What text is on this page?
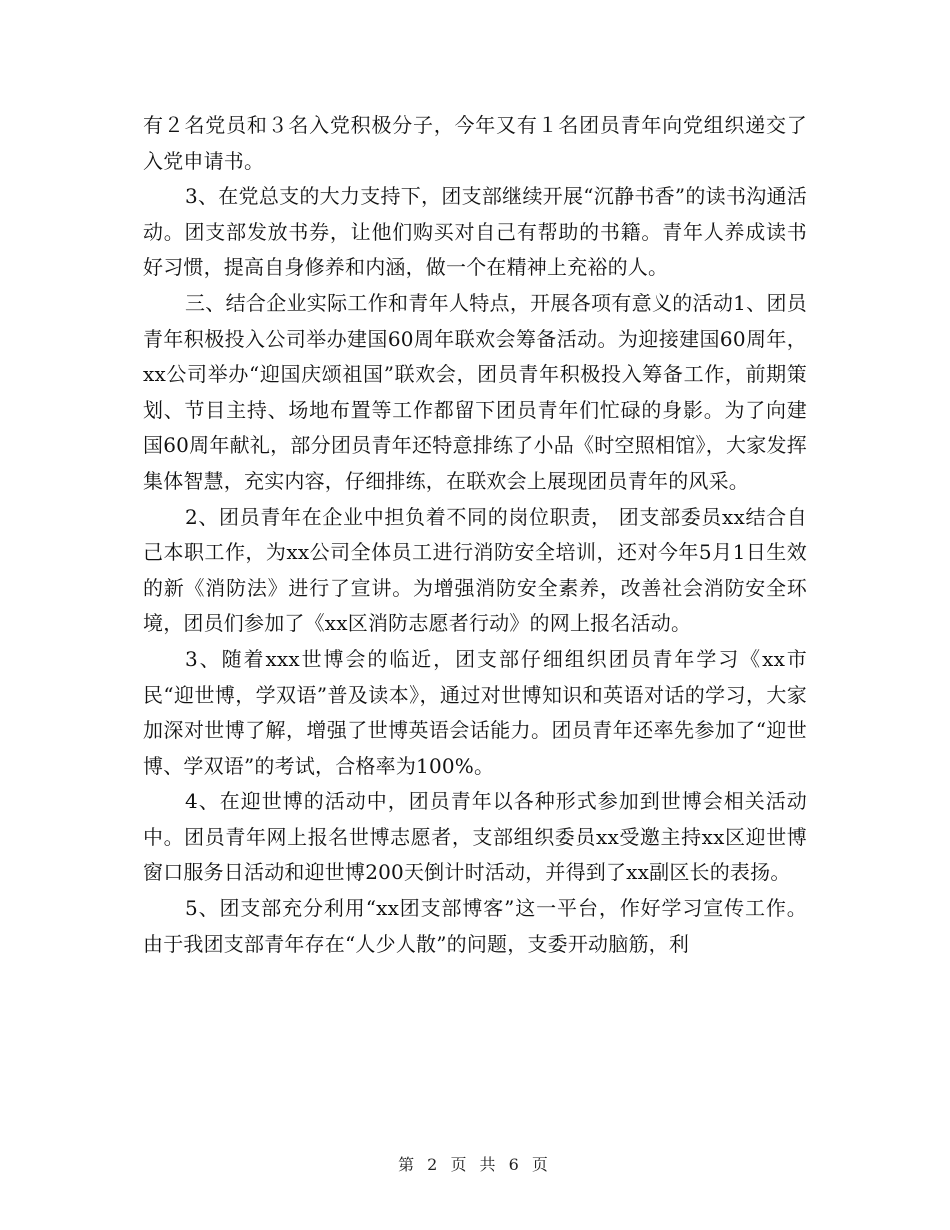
有２名党员和３名入党积极分子，今年又有１名团员青年向党组织递交了入党申请书。

3、在党总支的大力支持下，团支部继续开展“沉静书香”的读书沟通活动。团支部发放书券，让他们购买对自己有帮助的书籍。青年人养成读书好习惯，提高自身修养和内涵，做一个在精神上充裕的人。

三、结合企业实际工作和青年人特点，开展各项有意义的活动1、团员青年积极投入公司举办建国60周年联欢会筹备活动。为迎接建国60周年，xx公司举办“迎国庆颂祖国”联欢会，团员青年积极投入筹备工作，前期策划、节目主持、场地布置等工作都留下团员青年们忙碌的身影。为了向建国60周年献礼，部分团员青年还特意排练了小品《时空照相馆》，大家发挥集体智慧，充实内容，仔细排练，在联欢会上展现团员青年的风采。

2、团员青年在企业中担负着不同的岗位职责， 团支部委员xx结合自己本职工作，为xx公司全体员工进行消防安全培训，还对今年5月1日生效的新《消防法》进行了宣讲。为增强消防安全素养，改善社会消防安全环境，团员们参加了《xx区消防志愿者行动》的网上报名活动。

3、随着xxx世博会的临近，团支部仔细组织团员青年学习《xx市民“迎世博，学双语”普及读本》，通过对世博知识和英语对话的学习，大家加深对世博了解，增强了世博英语会话能力。团员青年还率先参加了“迎世博、学双语”的考试，合格率为100%。

4、在迎世博的活动中，团员青年以各种形式参加到世博会相关活动中。团员青年网上报名世博志愿者，支部组织委员xx受邀主持xx区迎世博窗口服务日活动和迎世博200天倒计时活动，并得到了xx副区长的表扬。

5、团支部充分利用“xx团支部博客”这一平台，作好学习宣传工作。由于我团支部青年存在“人少人散”的问题，支委开动脑筋，利

第 2 页 共 6 页
